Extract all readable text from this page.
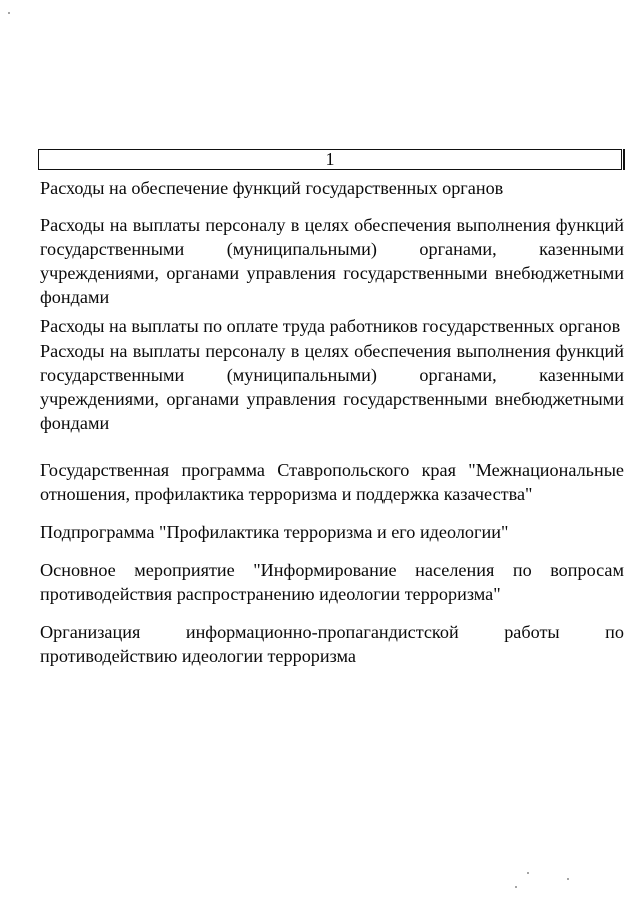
1

Расходы на обеспечение функций государственных органов

Расходы на выплаты персоналу в целях обеспечения выполнения функций государственными (муниципальными) органами, казенными учреждениями, органами управления государственными внебюджетными фондами

Расходы на выплаты по оплате труда работников государственных органов

Расходы на выплаты персоналу в целях обеспечения выполнения функций государственными (муниципальными) органами, казенными учреждениями, органами управления государственными внебюджетными фондами

Государственная программа Ставропольского края "Межнациональные отношения, профилактика терроризма и поддержка казачества"

Подпрограмма "Профилактика терроризма и его идеологии"

Основное мероприятие "Информирование населения по вопросам противодействия распространению идеологии терроризма"

Организация информационно-пропагандистской работы по противодействию идеологии терроризма
